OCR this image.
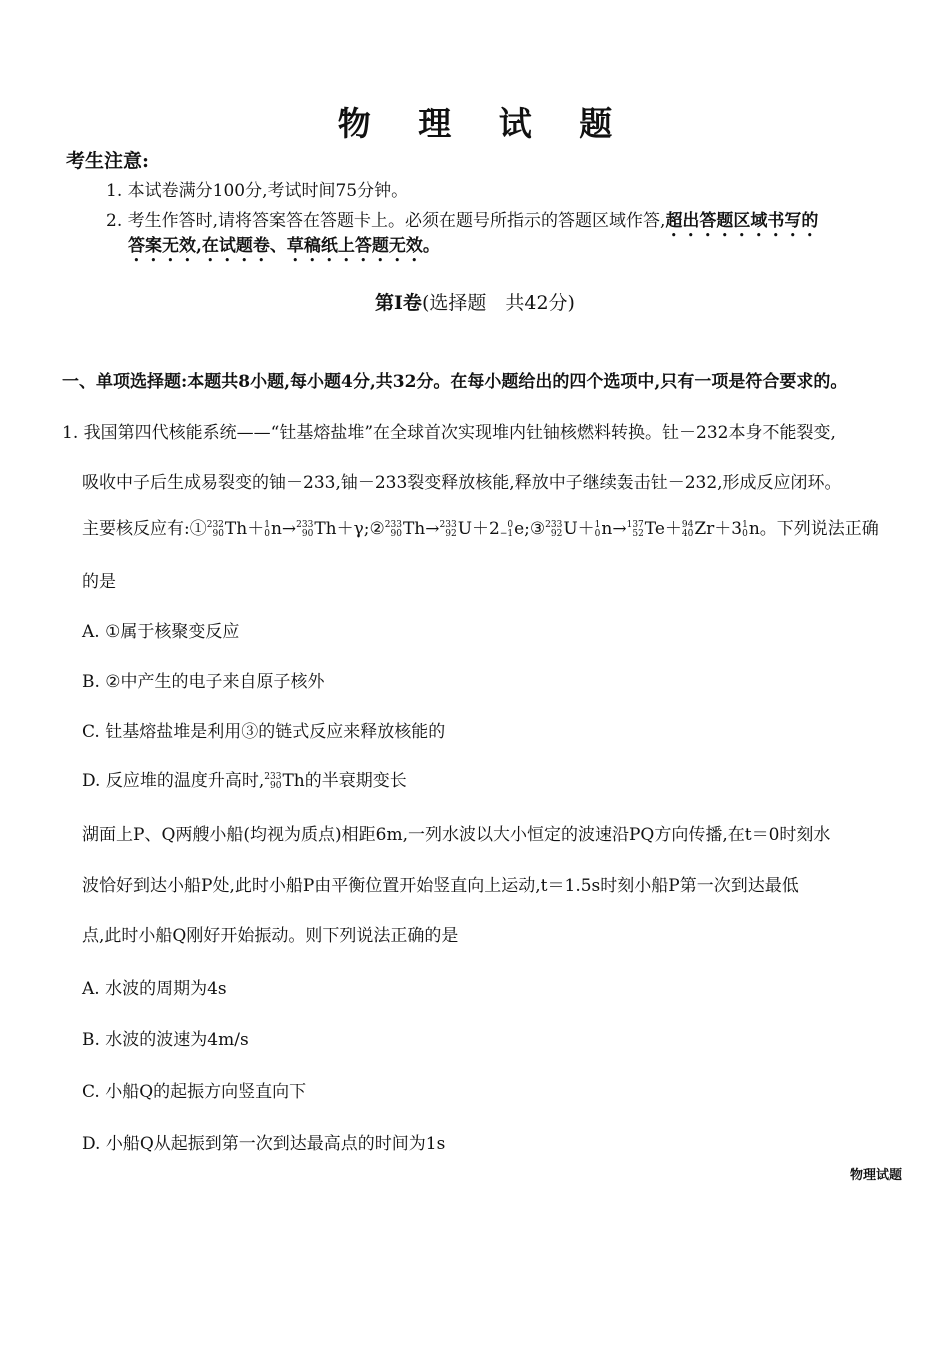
物 理 试 题
考生注意:
1. 本试卷满分100分,考试时间75分钟。
2. 考生作答时,请将答案答在答题卡上。必须在题号所指示的答题区域作答,超出答题区域书写的
答案无效,在试题卷、草稿纸上答题无效。
第Ⅰ卷(选择题　共42分)
一、单项选择题:本题共8小题,每小题4分,共32分。在每小题给出的四个选项中,只有一项是符合要求的。
1. 我国第四代核能系统——“钍基熔盐堆”在全球首次实现堆内钍铀核燃料转换。钍－232本身不能裂变,
吸收中子后生成易裂变的铀－233,铀－233裂变释放核能,释放中子继续轰击钍－232,形成反应闭环。
主要核反应有:① 232
90 Th＋ 1
0 n→ 233
90 Th＋γ;② 233
90 Th→ 233
92 U＋2 0
−1 e;③ 233
92 U＋ 1
0 n→ 137
52 Te＋ 94
40 Zr＋3 1
0 n。下列说法正确
的是
A. ①属于核聚变反应
B. ②中产生的电子来自原子核外
C. 钍基熔盐堆是利用③的链式反应来释放核能的
D. 反应堆的温度升高时, 233
90 Th的半衰期变长
湖面上P、Q两艘小船(均视为质点)相距6m,一列水波以大小恒定的波速沿PQ方向传播,在t＝0时刻水
波恰好到达小船P处,此时小船P由平衡位置开始竖直向上运动,t＝1.5s时刻小船P第一次到达最低
点,此时小船Q刚好开始振动。则下列说法正确的是
A. 水波的周期为4s
B. 水波的波速为4m/s
C. 小船Q的起振方向竖直向下
D. 小船Q从起振到第一次到达最高点的时间为1s
物理试题
